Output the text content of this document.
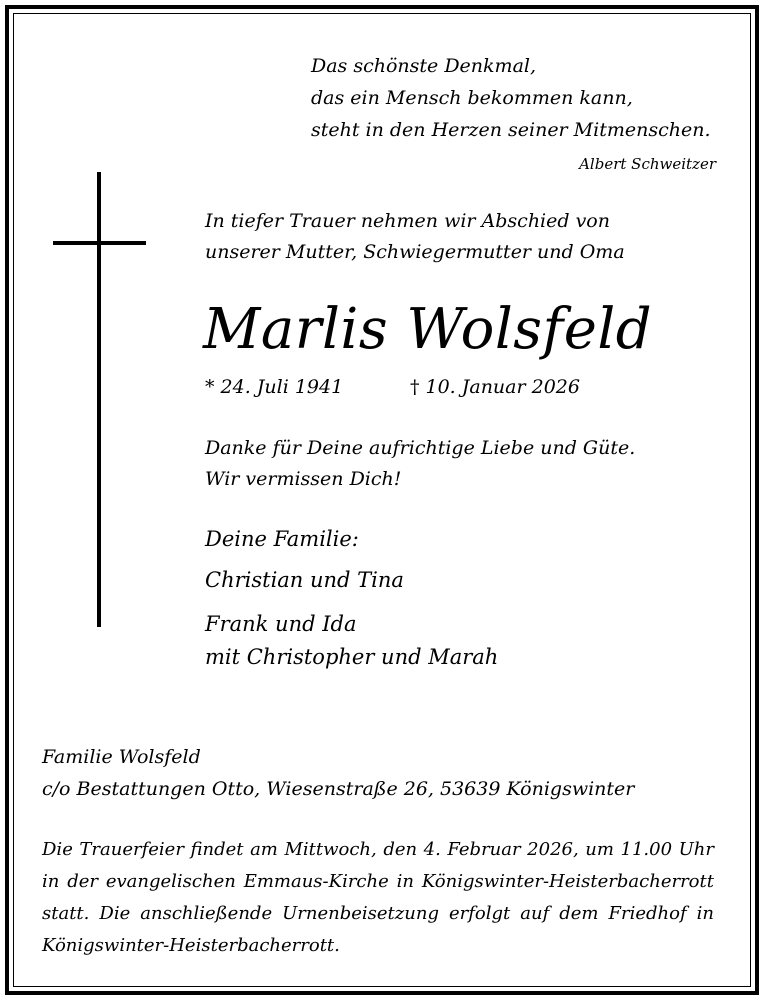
Das schönste Denkmal,
das ein Mensch bekommen kann,
steht in den Herzen seiner Mitmenschen.
Albert Schweitzer
In tiefer Trauer nehmen wir Abschied von
unserer Mutter, Schwiegermutter und Oma
Marlis Wolsfeld
* 24. Juli 1941	† 10. Januar 2026
Danke für Deine aufrichtige Liebe und Güte.
Wir vermissen Dich!
Deine Familie:
Christian und Tina
Frank und Ida
mit Christopher und Marah
Familie Wolsfeld
c/o Bestattungen Otto, Wiesenstraße 26, 53639 Königswinter
Die Trauerfeier findet am Mittwoch, den 4. Februar 2026, um 11.00 Uhr in der evangelischen Emmaus-Kirche in Königswinter-Heisterbacherrott statt. Die anschließende Urnenbeisetzung erfolgt auf dem Friedhof in Königswinter-Heisterbacherrott.
